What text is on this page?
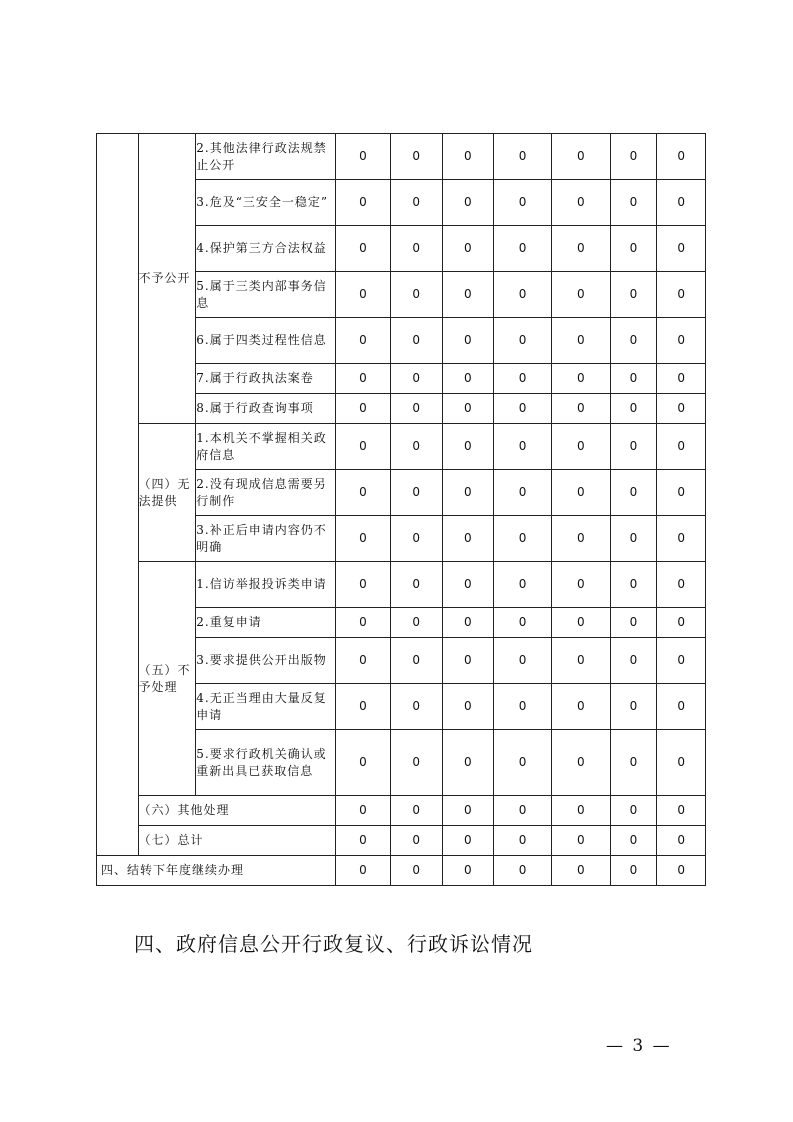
	不予公开	2.其他法律行政法规禁止公开	0	0	0	0	0	0	0
		3.危及“三安全一稳定”	0	0	0	0	0	0	0
		4.保护第三方合法权益	0	0	0	0	0	0	0
		5.属于三类内部事务信息	0	0	0	0	0	0	0
		6.属于四类过程性信息	0	0	0	0	0	0	0
		7.属于行政执法案卷	0	0	0	0	0	0	0
		8.属于行政查询事项	0	0	0	0	0	0	0
	（四）无法提供	1.本机关不掌握相关政府信息	0	0	0	0	0	0	0
		2.没有现成信息需要另行制作	0	0	0	0	0	0	0
		3.补正后申请内容仍不明确	0	0	0	0	0	0	0
	（五）不予处理	1.信访举报投诉类申请	0	0	0	0	0	0	0
		2.重复申请	0	0	0	0	0	0	0
		3.要求提供公开出版物	0	0	0	0	0	0	0
		4.无正当理由大量反复申请	0	0	0	0	0	0	0
		5.要求行政机关确认或重新出具已获取信息	0	0	0	0	0	0	0
	（六）其他处理		0	0	0	0	0	0	0
	（七）总计		0	0	0	0	0	0	0
四、结转下年度继续办理			0	0	0	0	0	0	0
四、政府信息公开行政复议、行政诉讼情况
— 3 —
